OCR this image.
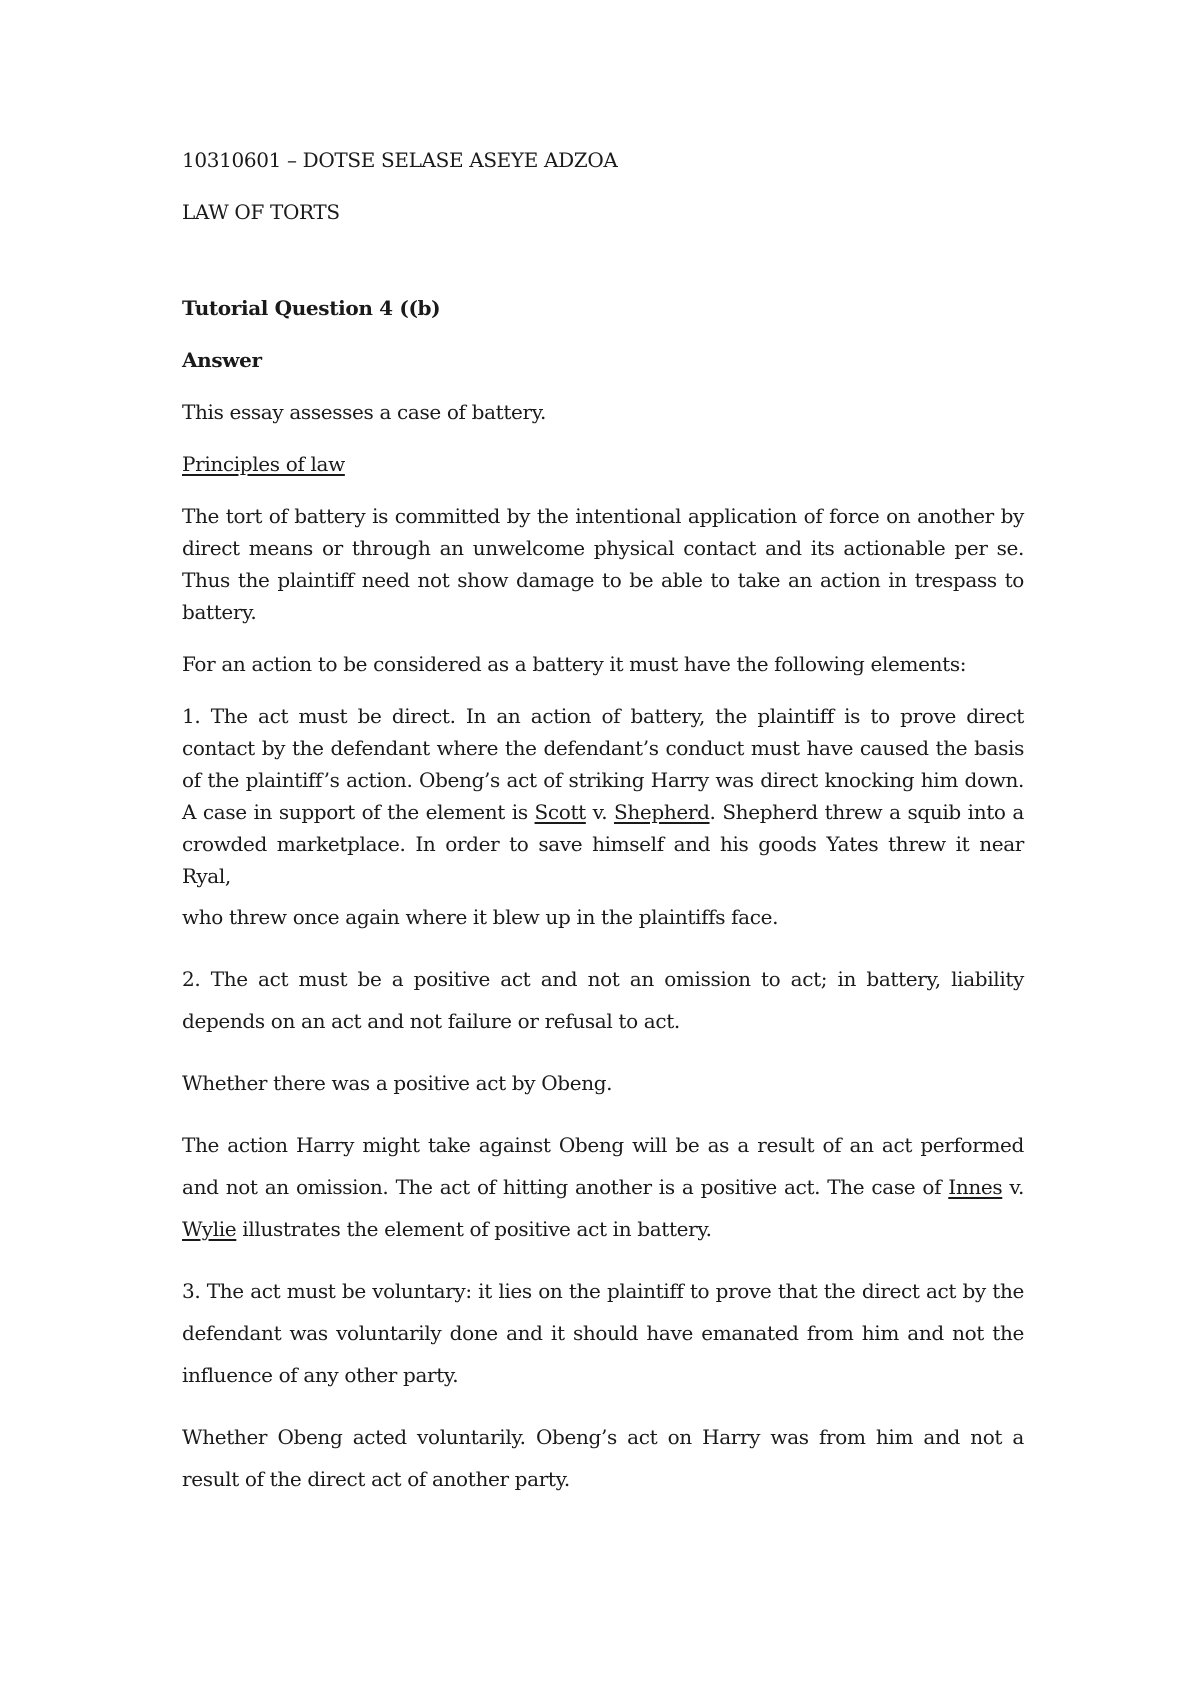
10310601 – DOTSE SELASE ASEYE ADZOA

LAW OF TORTS

Tutorial Question 4 ((b)

Answer

This essay assesses a case of battery.

Principles of law

The tort of battery is committed by the intentional application of force on another by direct means or through an unwelcome physical contact and its actionable per se. Thus the plaintiff need not show damage to be able to take an action in trespass to battery.

For an action to be considered as a battery it must have the following elements:

1. The act must be direct. In an action of battery, the plaintiff is to prove direct contact by the defendant where the defendant’s conduct must have caused the basis of the plaintiff’s action. Obeng’s act of striking Harry was direct knocking him down. A case in support of the element is Scott v. Shepherd. Shepherd threw a squib into a crowded marketplace. In order to save himself and his goods Yates threw it near Ryal,

who threw once again where it blew up in the plaintiffs face.

2. The act must be a positive act and not an omission to act; in battery, liability depends on an act and not failure or refusal to act.

Whether there was a positive act by Obeng.

The action Harry might take against Obeng will be as a result of an act performed and not an omission. The act of hitting another is a positive act. The case of Innes v. Wylie illustrates the element of positive act in battery.

3. The act must be voluntary: it lies on the plaintiff to prove that the direct act by the defendant was voluntarily done and it should have emanated from him and not the influence of any other party.

Whether Obeng acted voluntarily. Obeng’s act on Harry was from him and not a result of the direct act of another party.
